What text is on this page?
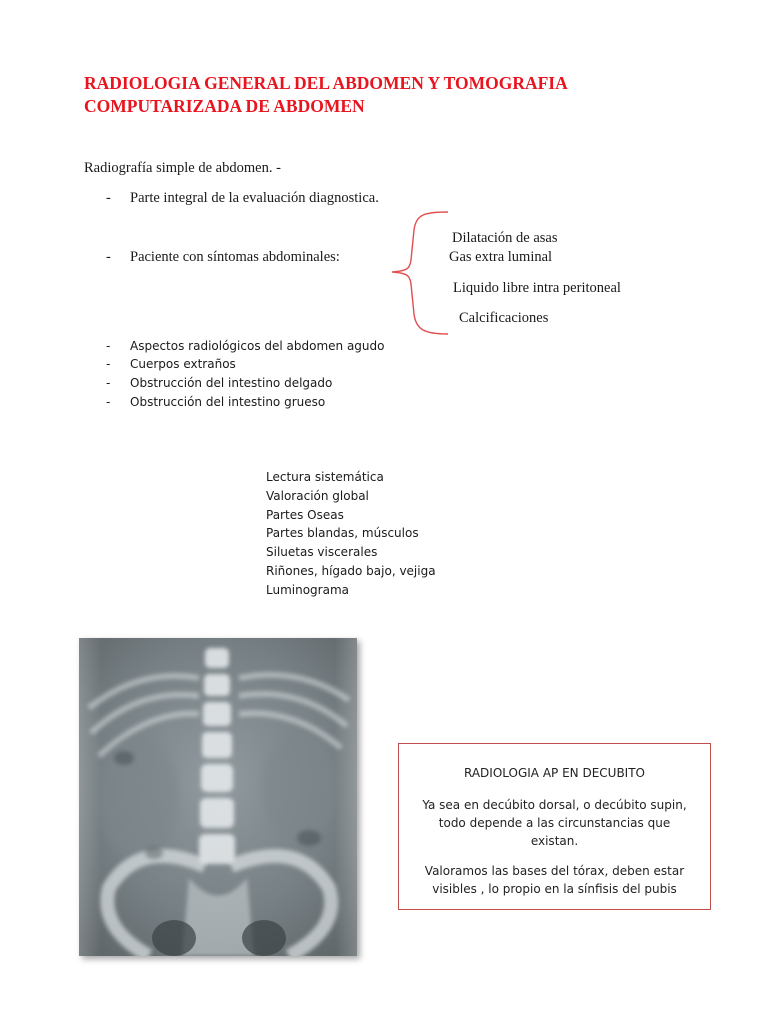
RADIOLOGIA GENERAL DEL ABDOMEN Y TOMOGRAFIA COMPUTARIZADA DE ABDOMEN
Radiografía simple de abdomen. -
- Parte integral de la evaluación diagnostica.
- Paciente con síntomas abdominales:
Dilatación de asas
Gas extra luminal
Liquido libre intra peritoneal
Calcificaciones
- Aspectos radiológicos del abdomen agudo
- Cuerpos extraños
- Obstrucción del intestino delgado
- Obstrucción del intestino grueso
Lectura sistemática
Valoración global
Partes Oseas
Partes blandas, músculos
Siluetas viscerales
Riñones, hígado bajo, vejiga
Luminograma

RADIOLOGIA AP EN DECUBITO

Ya sea en decúbito dorsal, o decúbito supin, todo depende a las circunstancias que existan.

Valoramos las bases del tórax, deben estar visibles , lo propio en la sínfisis del pubis
